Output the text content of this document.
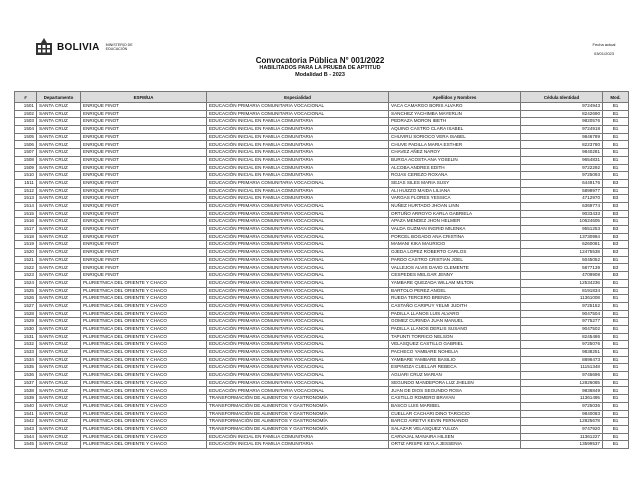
BOLIVIA MINISTERIO DE EDUCACIÓN
Fecha actual
03/01/2023
Convocatoria Pública N° 001/2022
HABILITADOS PARA LA PRUEBA DE APTITUD
Modalidad B - 2023
#	Departamento	ESFM/UA	Especialidad	Apellidos y Nombres	Cédula Identidad	Mod.
1501	SANTA CRUZ	ENRIQUE FINOT	EDUCACIÓN PRIMARIA COMUNITARIA VOCACIONAL	VACA CAMARGO BORIS ALVARO	9724943	B1
1502	SANTA CRUZ	ENRIQUE FINOT	EDUCACIÓN PRIMARIA COMUNITARIA VOCACIONAL	SANCHEZ YACHIMBA MAYERLIN	8242690	B1
1503	SANTA CRUZ	ENRIQUE FINOT	EDUCACIÓN INICIAL EN FAMILIA COMUNITARIA	PEDRAZA MORON IBETH	9820576	B1
1504	SANTA CRUZ	ENRIQUE FINOT	EDUCACIÓN INICIAL EN FAMILIA COMUNITARIA	AQUINO CASTRO CLARA ISABEL	9724918	B1
1505	SANTA CRUZ	ENRIQUE FINOT	EDUCACIÓN INICIAL EN FAMILIA COMUNITARIA	CHUVIRU SORIOCO VERA ISABEL	9846789	B1
1506	SANTA CRUZ	ENRIQUE FINOT	EDUCACIÓN INICIAL EN FAMILIA COMUNITARIA	CHUVE PADILLA MARIA ESTHER	8223780	B1
1507	SANTA CRUZ	ENRIQUE FINOT	EDUCACIÓN INICIAL EN FAMILIA COMUNITARIA	CHAVEZ AÑEZ NAROY	9840281	B1
1508	SANTA CRUZ	ENRIQUE FINOT	EDUCACIÓN INICIAL EN FAMILIA COMUNITARIA	BURGA ACOSTA ANA YOSELIN	9654831	B1
1509	SANTA CRUZ	ENRIQUE FINOT	EDUCACIÓN INICIAL EN FAMILIA COMUNITARIA	ALCOBA ANDRES EDITH	9722292	B1
1510	SANTA CRUZ	ENRIQUE FINOT	EDUCACIÓN INICIAL EN FAMILIA COMUNITARIA	ROJAS CEREZO ROXANA	9725093	B1
1511	SANTA CRUZ	ENRIQUE FINOT	EDUCACIÓN PRIMARIA COMUNITARIA VOCACIONAL	SEJAS SILES MARIA SUSY	6449176	B3
1512	SANTA CRUZ	ENRIQUE FINOT	EDUCACIÓN INICIAL EN FAMILIA COMUNITARIA	ALI HUIZZO MAIDA LILIANA	5899977	B1
1513	SANTA CRUZ	ENRIQUE FINOT	EDUCACIÓN INICIAL EN FAMILIA COMUNITARIA	VARGAS FLORES YESSICA	4712970	B3
1514	SANTA CRUZ	ENRIQUE FINOT	EDUCACIÓN PRIMARIA COMUNITARIA VOCACIONAL	NUÑEZ HURTADO JHOAN LINN	6369774	B3
1515	SANTA CRUZ	ENRIQUE FINOT	EDUCACIÓN PRIMARIA COMUNITARIA VOCACIONAL	ORTUÑO ARROYO KARLA GABRIELA	9033433	B3
1516	SANTA CRUZ	ENRIQUE FINOT	EDUCACIÓN PRIMARIA COMUNITARIA VOCACIONAL	APAZA MENDEZ JHON HELMER	10624605	B1
1517	SANTA CRUZ	ENRIQUE FINOT	EDUCACIÓN PRIMARIA COMUNITARIA VOCACIONAL	VALDA GUZMAN INGRID MILENKA	9551253	B3
1518	SANTA CRUZ	ENRIQUE FINOT	EDUCACIÓN PRIMARIA COMUNITARIA VOCACIONAL	PORCEL BOGADO ANA CRISTINA	13730984	B3
1519	SANTA CRUZ	ENRIQUE FINOT	EDUCACIÓN PRIMARIA COMUNITARIA VOCACIONAL	MAMANI KIKA MAURICIO	6260081	B3
1520	SANTA CRUZ	ENRIQUE FINOT	EDUCACIÓN PRIMARIA COMUNITARIA VOCACIONAL	OJEDA LOPEZ ROBERTO CARLOS	12475538	B3
1521	SANTA CRUZ	ENRIQUE FINOT	EDUCACIÓN PRIMARIA COMUNITARIA VOCACIONAL	PARDO CASTRO CRISTIAN JOEL	5045052	B1
1522	SANTA CRUZ	ENRIQUE FINOT	EDUCACIÓN PRIMARIA COMUNITARIA VOCACIONAL	VALLEJOS ALVIS DAVID CLEMENTE	5877139	B3
1523	SANTA CRUZ	ENRIQUE FINOT	EDUCACIÓN PRIMARIA COMUNITARIA VOCACIONAL	CESPEDES MELGAR JENNY	4709908	B3
1524	SANTA CRUZ	PLURIETNICA DEL ORIENTE Y CHACO	EDUCACIÓN PRIMARIA COMUNITARIA VOCACIONAL	YAMBARE QUEZADA WILLAM MILTON	12534236	B1
1525	SANTA CRUZ	PLURIETNICA DEL ORIENTE Y CHACO	EDUCACIÓN PRIMARIA COMUNITARIA VOCACIONAL	BARTOLO PEREZ ANGEL	8191834	B1
1526	SANTA CRUZ	PLURIETNICA DEL ORIENTE Y CHACO	EDUCACIÓN PRIMARIA COMUNITARIA VOCACIONAL	RUEDA TERCERO BRENDA	11361008	B1
1527	SANTA CRUZ	PLURIETNICA DEL ORIENTE Y CHACO	EDUCACIÓN PRIMARIA COMUNITARIA VOCACIONAL	CASTAÑO CARIPUY YELMI JUDITH	9725152	B1
1528	SANTA CRUZ	PLURIETNICA DEL ORIENTE Y CHACO	EDUCACIÓN PRIMARIA COMUNITARIA VOCACIONAL	PADILLA LLANOS LUIS ALVARO	9047504	B1
1529	SANTA CRUZ	PLURIETNICA DEL ORIENTE Y CHACO	EDUCACIÓN PRIMARIA COMUNITARIA VOCACIONAL	GOMEZ CURINDA JUAN MANUEL	9775277	B1
1530	SANTA CRUZ	PLURIETNICA DEL ORIENTE Y CHACO	EDUCACIÓN PRIMARIA COMUNITARIA VOCACIONAL	PADILLA LLANOS DERLIS SUSANO	9047502	B1
1531	SANTA CRUZ	PLURIETNICA DEL ORIENTE Y CHACO	EDUCACIÓN PRIMARIA COMUNITARIA VOCACIONAL	TAPUNTI TORRICO NELSON	8245486	B1
1532	SANTA CRUZ	PLURIETNICA DEL ORIENTE Y CHACO	EDUCACIÓN PRIMARIA COMUNITARIA VOCACIONAL	VELASQUEZ CASTILLO GABRIEL	9725076	B1
1533	SANTA CRUZ	PLURIETNICA DEL ORIENTE Y CHACO	EDUCACIÓN PRIMARIA COMUNITARIA VOCACIONAL	PACHECO YAMBARE NOHELIA	9838251	B1
1534	SANTA CRUZ	PLURIETNICA DEL ORIENTE Y CHACO	EDUCACIÓN PRIMARIA COMUNITARIA VOCACIONAL	YAMBARE YAMBARE BASILIO	8896473	B1
1535	SANTA CRUZ	PLURIETNICA DEL ORIENTE Y CHACO	EDUCACIÓN PRIMARIA COMUNITARIA VOCACIONAL	ESPINOZA CUELLAR REBECA	11151348	B1
1536	SANTA CRUZ	PLURIETNICA DEL ORIENTE Y CHACO	EDUCACIÓN PRIMARIA COMUNITARIA VOCACIONAL	AGUARI CRUZ MARIAN	9745696	B1
1537	SANTA CRUZ	PLURIETNICA DEL ORIENTE Y CHACO	EDUCACIÓN PRIMARIA COMUNITARIA VOCACIONAL	SEGUNDO MANDEPORA LUZ JHELEN	12826085	B1
1538	SANTA CRUZ	PLURIETNICA DEL ORIENTE Y CHACO	EDUCACIÓN PRIMARIA COMUNITARIA VOCACIONAL	JUAN DE DIOS SEGUNDO ROSA	9836849	B1
1539	SANTA CRUZ	PLURIETNICA DEL ORIENTE Y CHACO	TRANSFORMACIÓN DE ALIMENTOS Y GASTRONOMÍA	CASTILLO ROMERO BRAYAN	11361495	B1
1540	SANTA CRUZ	PLURIETNICA DEL ORIENTE Y CHACO	TRANSFORMACIÓN DE ALIMENTOS Y GASTRONOMÍA	BASCO LUIS MARIBEL	9725036	B1
1541	SANTA CRUZ	PLURIETNICA DEL ORIENTE Y CHACO	TRANSFORMACIÓN DE ALIMENTOS Y GASTRONOMÍA	CUELLAR CACHARI DINO TARCICIO	9840083	B1
1542	SANTA CRUZ	PLURIETNICA DEL ORIENTE Y CHACO	TRANSFORMACIÓN DE ALIMENTOS Y GASTRONOMÍA	BARCO AIRETVI KEVIN FERNANDO	12825678	B1
1543	SANTA CRUZ	PLURIETNICA DEL ORIENTE Y CHACO	TRANSFORMACIÓN DE ALIMENTOS Y GASTRONOMÍA	SALAZAR VELASQUEZ YULIZA	9747920	B1
1544	SANTA CRUZ	PLURIETNICA DEL ORIENTE Y CHACO	EDUCACIÓN INICIAL EN FAMILIA COMUNITARIA	CARVAJAL MANAIRA HILSEN	11361227	B1
1545	SANTA CRUZ	PLURIETNICA DEL ORIENTE Y CHACO	EDUCACIÓN INICIAL EN FAMILIA COMUNITARIA	ORTIZ ARISPE KEYLA JESSENIA	13599537	B1
